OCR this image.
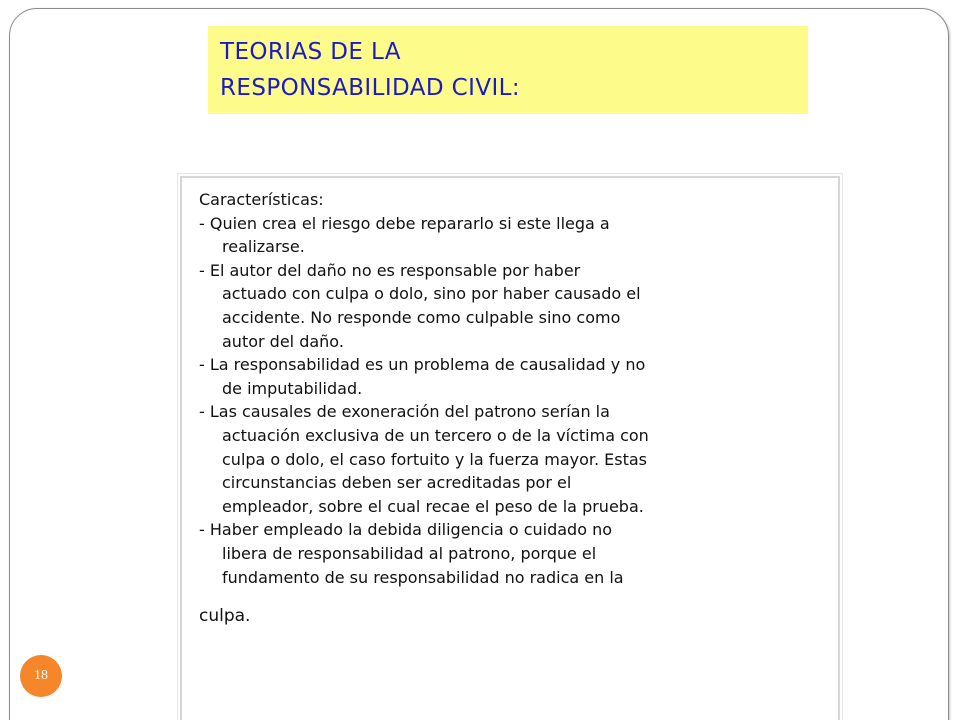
TEORIAS DE LA
RESPONSABILIDAD CIVIL:

Características:

- Quien crea el riesgo debe repararlo si este llega a
realizarse.

- El autor del daño no es responsable por haber
actuado con culpa o dolo, sino por haber causado el
accidente. No responde como culpable sino como
autor del daño.

- La responsabilidad es un problema de causalidad y no
de imputabilidad.

- Las causales de exoneración del patrono serían la
actuación exclusiva de un tercero o de la víctima con
culpa o dolo, el caso fortuito y la fuerza mayor. Estas
circunstancias deben ser acreditadas por el
empleador, sobre el cual recae el peso de la prueba.

- Haber empleado la debida diligencia o cuidado no
libera de responsabilidad al patrono, porque el
fundamento de su responsabilidad no radica en la
culpa.

18
